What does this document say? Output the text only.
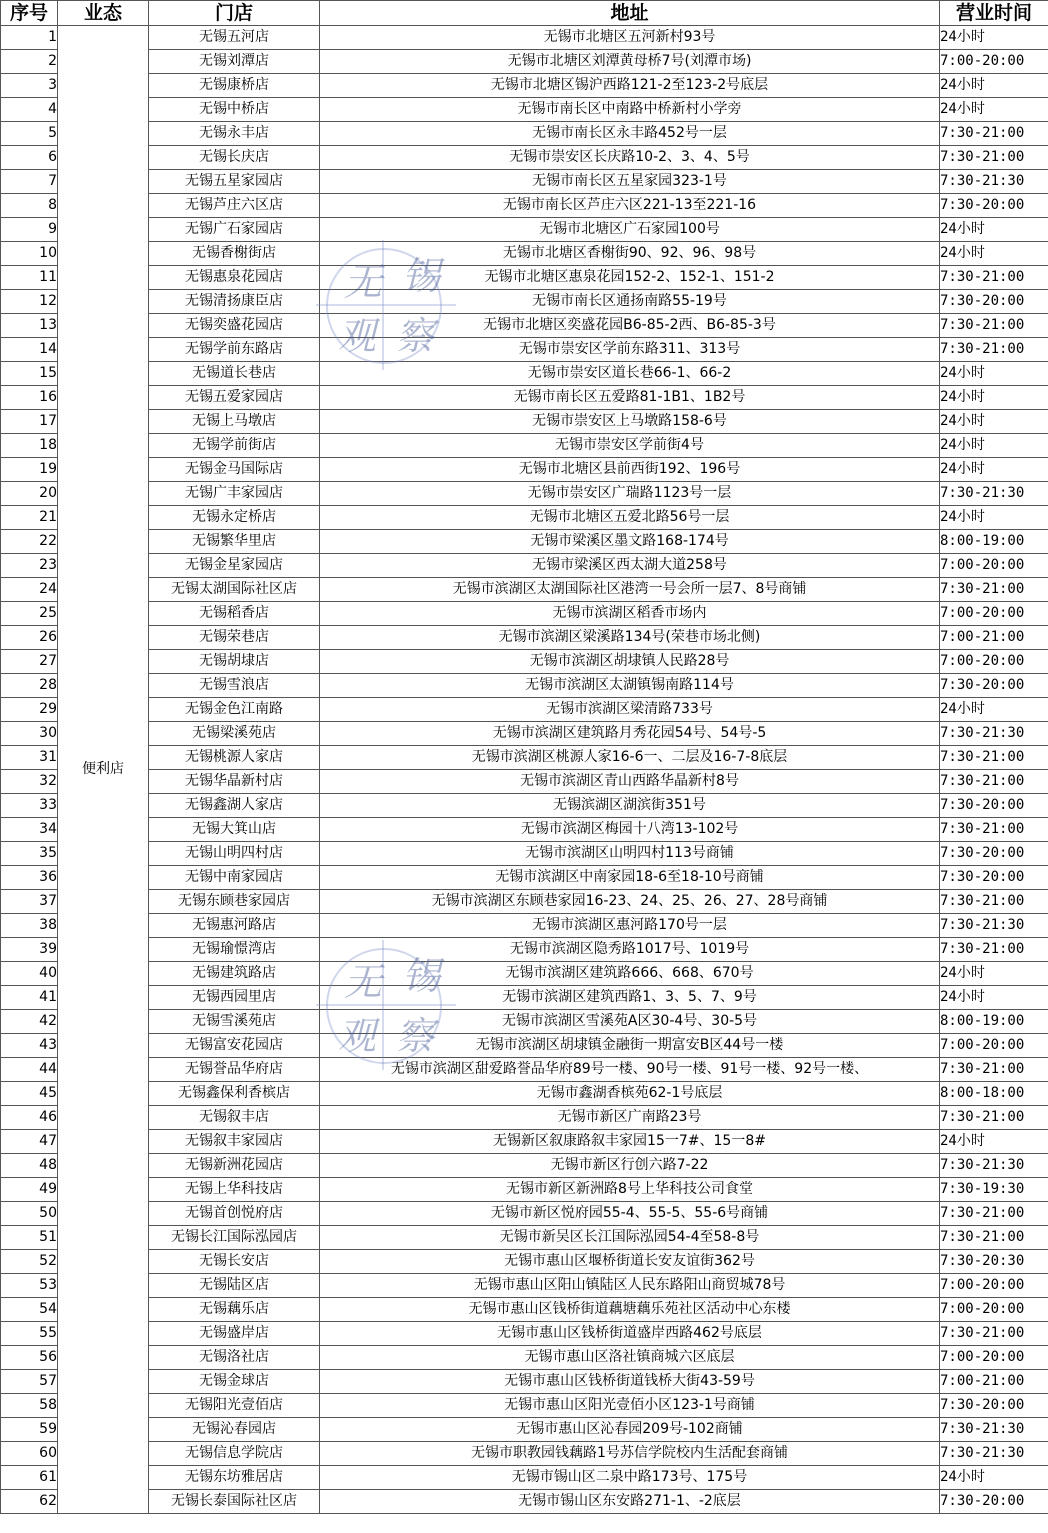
序号	业态	门店	地址	营业时间
1	便利店	无锡五河店	无锡市北塘区五河新村93号	24小时
2		无锡刘潭店	无锡市北塘区刘潭黄母桥7号(刘潭市场)	7:00-20:00
3		无锡康桥店	无锡市北塘区锡沪西路121-2至123-2号底层	24小时
4		无锡中桥店	无锡市南长区中南路中桥新村小学旁	24小时
5		无锡永丰店	无锡市南长区永丰路452号一层	7:30-21:00
6		无锡长庆店	无锡市崇安区长庆路10-2、3、4、5号	7:30-21:00
7		无锡五星家园店	无锡市南长区五星家园323-1号	7:30-21:30
8		无锡芦庄六区店	无锡市南长区芦庄六区221-13至221-16	7:30-20:00
9		无锡广石家园店	无锡市北塘区广石家园100号	24小时
10		无锡香榭街店	无锡市北塘区香榭街90、92、96、98号	24小时
11		无锡惠泉花园店	无锡市北塘区惠泉花园152-2、152-1、151-2	7:30-21:00
12		无锡清扬康臣店	无锡市南长区通扬南路55-19号	7:30-20:00
13		无锡奕盛花园店	无锡市北塘区奕盛花园B6-85-2西、B6-85-3号	7:30-21:00
14		无锡学前东路店	无锡市崇安区学前东路311、313号	7:30-21:00
15		无锡道长巷店	无锡市崇安区道长巷66-1、66-2	24小时
16		无锡五爱家园店	无锡市南长区五爱路81-1B1、1B2号	24小时
17		无锡上马墩店	无锡市崇安区上马墩路158-6号	24小时
18		无锡学前街店	无锡市崇安区学前街4号	24小时
19		无锡金马国际店	无锡市北塘区县前西街192、196号	24小时
20		无锡广丰家园店	无锡市崇安区广瑞路1123号一层	7:30-21:30
21		无锡永定桥店	无锡市北塘区五爱北路56号一层	24小时
22		无锡繁华里店	无锡市梁溪区墨文路168-174号	8:00-19:00
23		无锡金星家园店	无锡市梁溪区西太湖大道258号	7:00-20:00
24		无锡太湖国际社区店	无锡市滨湖区太湖国际社区港湾一号会所一层7、8号商铺	7:30-21:00
25		无锡稻香店	无锡市滨湖区稻香市场内	7:00-20:00
26		无锡荣巷店	无锡市滨湖区梁溪路134号(荣巷市场北侧)	7:00-21:00
27		无锡胡埭店	无锡市滨湖区胡埭镇人民路28号	7:00-20:00
28		无锡雪浪店	无锡市滨湖区太湖镇锡南路114号	7:30-20:00
29		无锡金色江南路	无锡市滨湖区梁清路733号	24小时
30		无锡梁溪苑店	无锡市滨湖区建筑路月秀花园54号、54号-5	7:30-21:30
31		无锡桃源人家店	无锡市滨湖区桃源人家16-6一、二层及16-7-8底层	7:30-21:00
32		无锡华晶新村店	无锡市滨湖区青山西路华晶新村8号	7:30-21:00
33		无锡鑫湖人家店	无锡滨湖区湖滨街351号	7:30-20:00
34		无锡大箕山店	无锡市滨湖区梅园十八湾13-102号	7:30-21:00
35		无锡山明四村店	无锡市滨湖区山明四村113号商铺	7:30-20:00
36		无锡中南家园店	无锡市滨湖区中南家园18-6至18-10号商铺	7:30-20:00
37		无锡东顾巷家园店	无锡市滨湖区东顾巷家园16-23、24、25、26、27、28号商铺	7:30-21:00
38		无锡惠河路店	无锡市滨湖区惠河路170号一层	7:30-21:30
39		无锡瑜憬湾店	无锡市滨湖区隐秀路1017号、1019号	7:30-21:00
40		无锡建筑路店	无锡市滨湖区建筑路666、668、670号	24小时
41		无锡西园里店	无锡市滨湖区建筑西路1、3、5、7、9号	24小时
42		无锡雪溪苑店	无锡市滨湖区雪溪苑A区30-4号、30-5号	8:00-19:00
43		无锡富安花园店	无锡市滨湖区胡埭镇金融街一期富安B区44号一楼	7:00-20:00
44		无锡誉品华府店	无锡市滨湖区甜爱路誉品华府89号一楼、90号一楼、91号一楼、92号一楼、	7:30-21:00
45		无锡鑫保利香槟店	无锡市鑫湖香槟苑62-1号底层	8:00-18:00
46		无锡叙丰店	无锡市新区广南路23号	7:30-21:00
47		无锡叙丰家园店	无锡新区叙康路叙丰家园15一7#、15一8#	24小时
48		无锡新洲花园店	无锡市新区行创六路7-22	7:30-21:30
49		无锡上华科技店	无锡市新区新洲路8号上华科技公司食堂	7:30-19:30
50		无锡首创悦府店	无锡市新区悦府园55-4、55-5、55-6号商铺	7:30-21:00
51		无锡长江国际泓园店	无锡市新吴区长江国际泓园54-4至58-8号	7:30-21:00
52		无锡长安店	无锡市惠山区堰桥街道长安友谊街362号	7:30-20:30
53		无锡陆区店	无锡市惠山区阳山镇陆区人民东路阳山商贸城78号	7:00-20:00
54		无锡藕乐店	无锡市惠山区钱桥街道藕塘藕乐苑社区活动中心东楼	7:00-20:00
55		无锡盛岸店	无锡市惠山区钱桥街道盛岸西路462号底层	7:30-21:00
56		无锡洛社店	无锡市惠山区洛社镇商城六区底层	7:00-20:00
57		无锡金球店	无锡市惠山区钱桥街道钱桥大街43-59号	7:00-21:00
58		无锡阳光壹佰店	无锡市惠山区阳光壹佰小区123-1号商铺	7:30-20:00
59		无锡沁春园店	无锡市惠山区沁春园209号-102商铺	7:30-21:30
60		无锡信息学院店	无锡市职教园钱藕路1号苏信学院校内生活配套商铺	7:30-21:30
61		无锡东坊雅居店	无锡市锡山区二泉中路173号、175号	24小时
62		无锡长泰国际社区店	无锡市锡山区东安路271-1、-2底层	7:30-20:00
无 锡
观 察
无 锡
观 察
